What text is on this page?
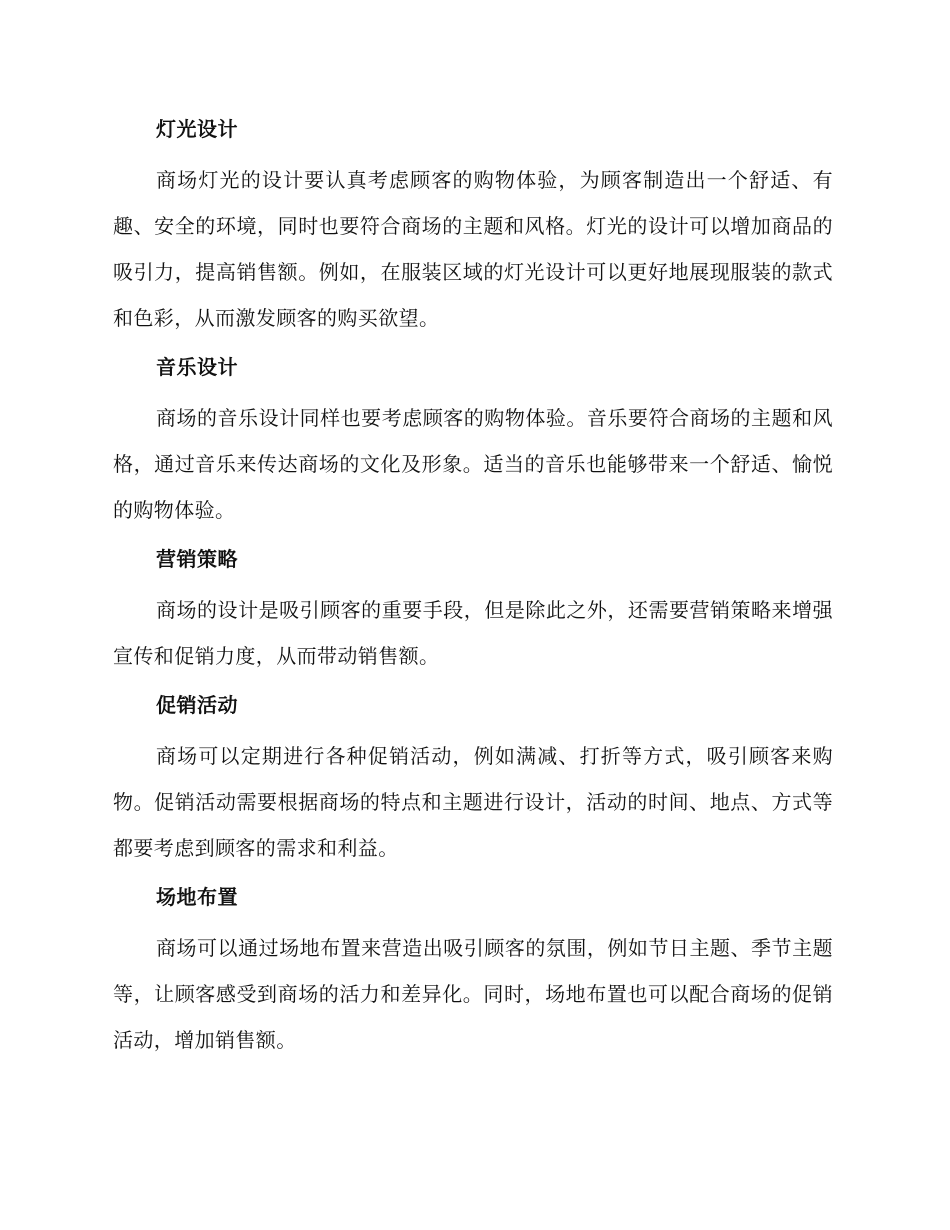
灯光设计

商场灯光的设计要认真考虑顾客的购物体验，为顾客制造出一个舒适、有趣、安全的环境，同时也要符合商场的主题和风格。灯光的设计可以增加商品的吸引力，提高销售额。例如，在服装区域的灯光设计可以更好地展现服装的款式和色彩，从而激发顾客的购买欲望。

音乐设计

商场的音乐设计同样也要考虑顾客的购物体验。音乐要符合商场的主题和风格，通过音乐来传达商场的文化及形象。适当的音乐也能够带来一个舒适、愉悦的购物体验。

营销策略

商场的设计是吸引顾客的重要手段，但是除此之外，还需要营销策略来增强宣传和促销力度，从而带动销售额。

促销活动

商场可以定期进行各种促销活动，例如满减、打折等方式，吸引顾客来购物。促销活动需要根据商场的特点和主题进行设计，活动的时间、地点、方式等都要考虑到顾客的需求和利益。

场地布置

商场可以通过场地布置来营造出吸引顾客的氛围，例如节日主题、季节主题等，让顾客感受到商场的活力和差异化。同时，场地布置也可以配合商场的促销活动，增加销售额。
